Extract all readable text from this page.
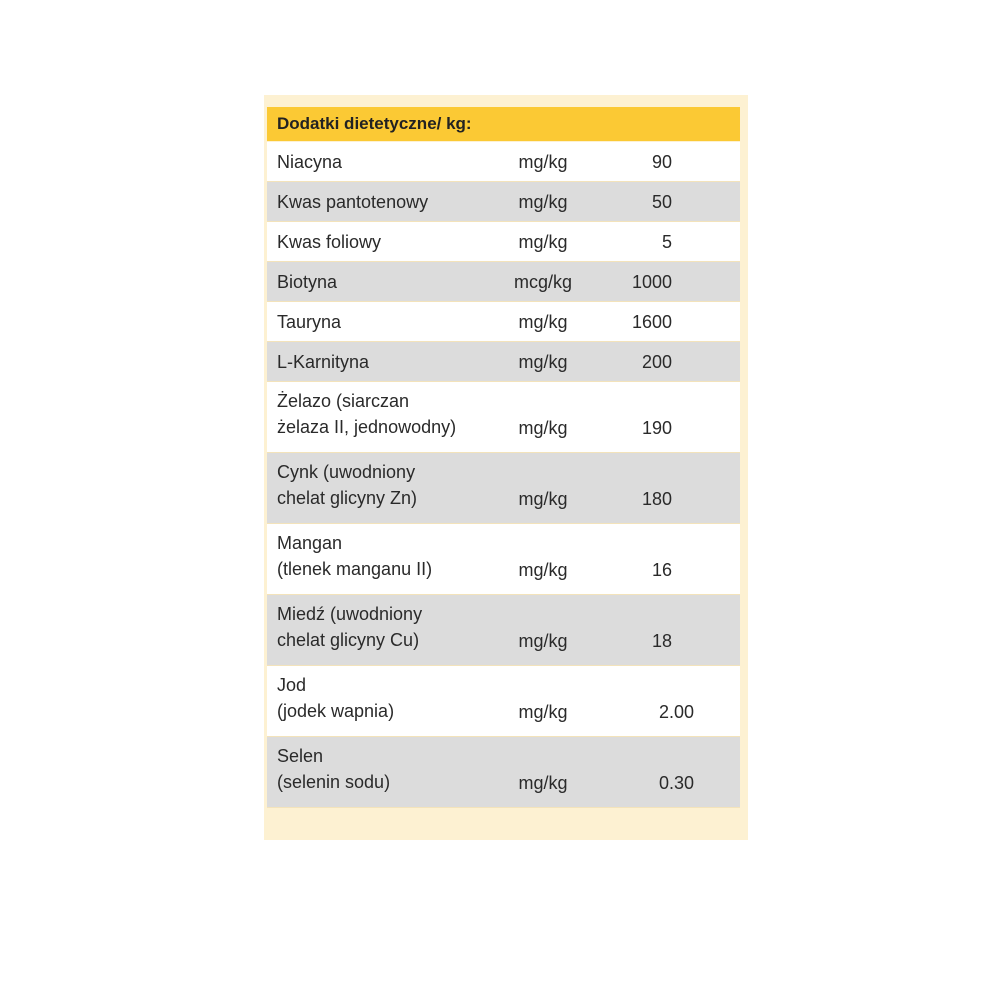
Dodatki dietetyczne/ kg:
Niacyna	mg/kg	90
Kwas pantotenowy	mg/kg	50
Kwas foliowy	mg/kg	5
Biotyna	mcg/kg	1000
Tauryna	mg/kg	1600
L-Karnityna	mg/kg	200
Żelazo (siarczan
żelaza II, jednowodny)	mg/kg	190
Cynk (uwodniony
chelat glicyny Zn)	mg/kg	180
Mangan
(tlenek manganu II)	mg/kg	16
Miedź (uwodniony
chelat glicyny Cu)	mg/kg	18
Jod
(jodek wapnia)	mg/kg	2.00
Selen
(selenin sodu)	mg/kg	0.30
